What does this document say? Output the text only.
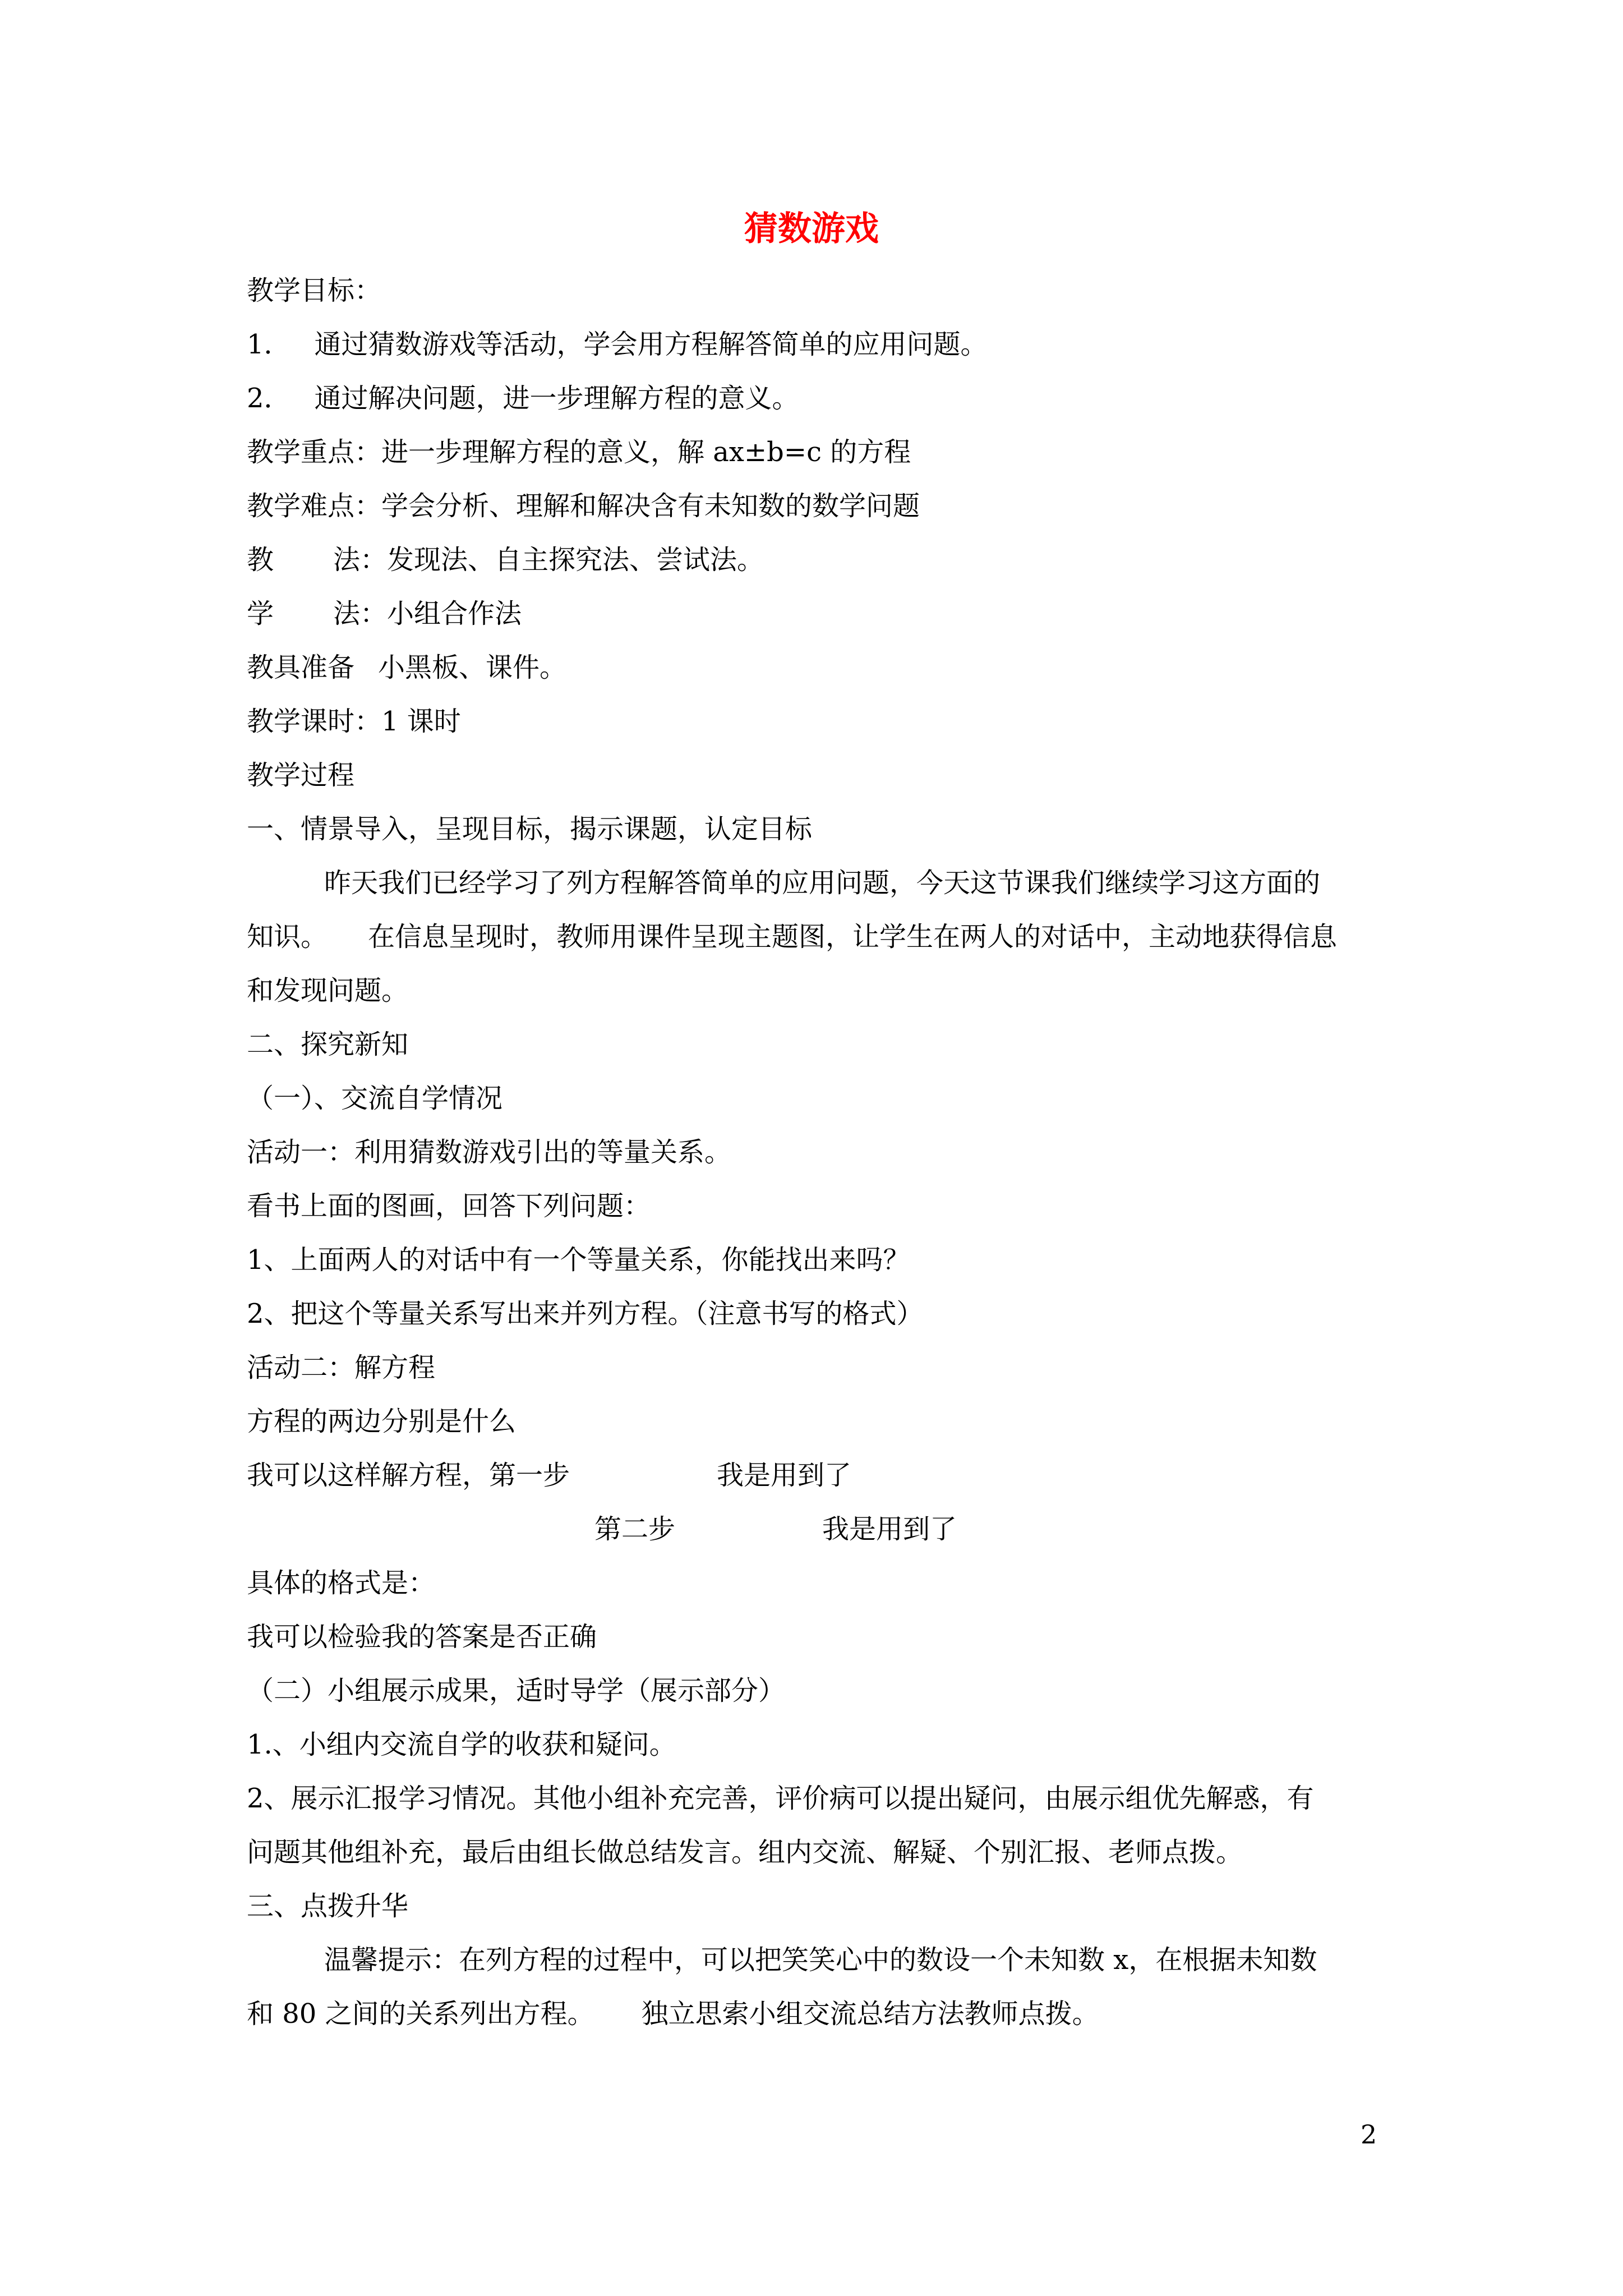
猜数游戏
教学目标：
1． 通过猜数游戏等活动，学会用方程解答简单的应用问题。
2． 通过解决问题，进一步理解方程的意义。
教学重点：进一步理解方程的意义，解 ax±b=c 的方程
教学难点：学会分析、理解和解决含有未知数的数学问题
教 法：发现法、自主探究法、尝试法。
学 法：小组合作法
教具准备 小黑板、课件。
教学课时：1 课时
教学过程
一、情景导入，呈现目标，揭示课题，认定目标
昨天我们已经学习了列方程解答简单的应用问题，今天这节课我们继续学习这方面的
知识。 在信息呈现时，教师用课件呈现主题图，让学生在两人的对话中，主动地获得信息
和发现问题。
二、探究新知
（一）、交流自学情况
活动一：利用猜数游戏引出的等量关系。
看书上面的图画，回答下列问题：
1、上面两人的对话中有一个等量关系，你能找出来吗？
2、把这个等量关系写出来并列方程。（注意书写的格式）
活动二：解方程
方程的两边分别是什么
我可以这样解方程，第一步	我是用到了
第二步	我是用到了
具体的格式是：
我可以检验我的答案是否正确
（二）小组展示成果，适时导学（展示部分）
1.、小组内交流自学的收获和疑问。
2、展示汇报学习情况。其他小组补充完善，评价病可以提出疑问，由展示组优先解惑，有
问题其他组补充，最后由组长做总结发言。组内交流、解疑、个别汇报、老师点拨。
三、点拨升华
温馨提示：在列方程的过程中，可以把笑笑心中的数设一个未知数 x，在根据未知数
和 80 之间的关系列出方程。 独立思索小组交流总结方法教师点拨。
2
